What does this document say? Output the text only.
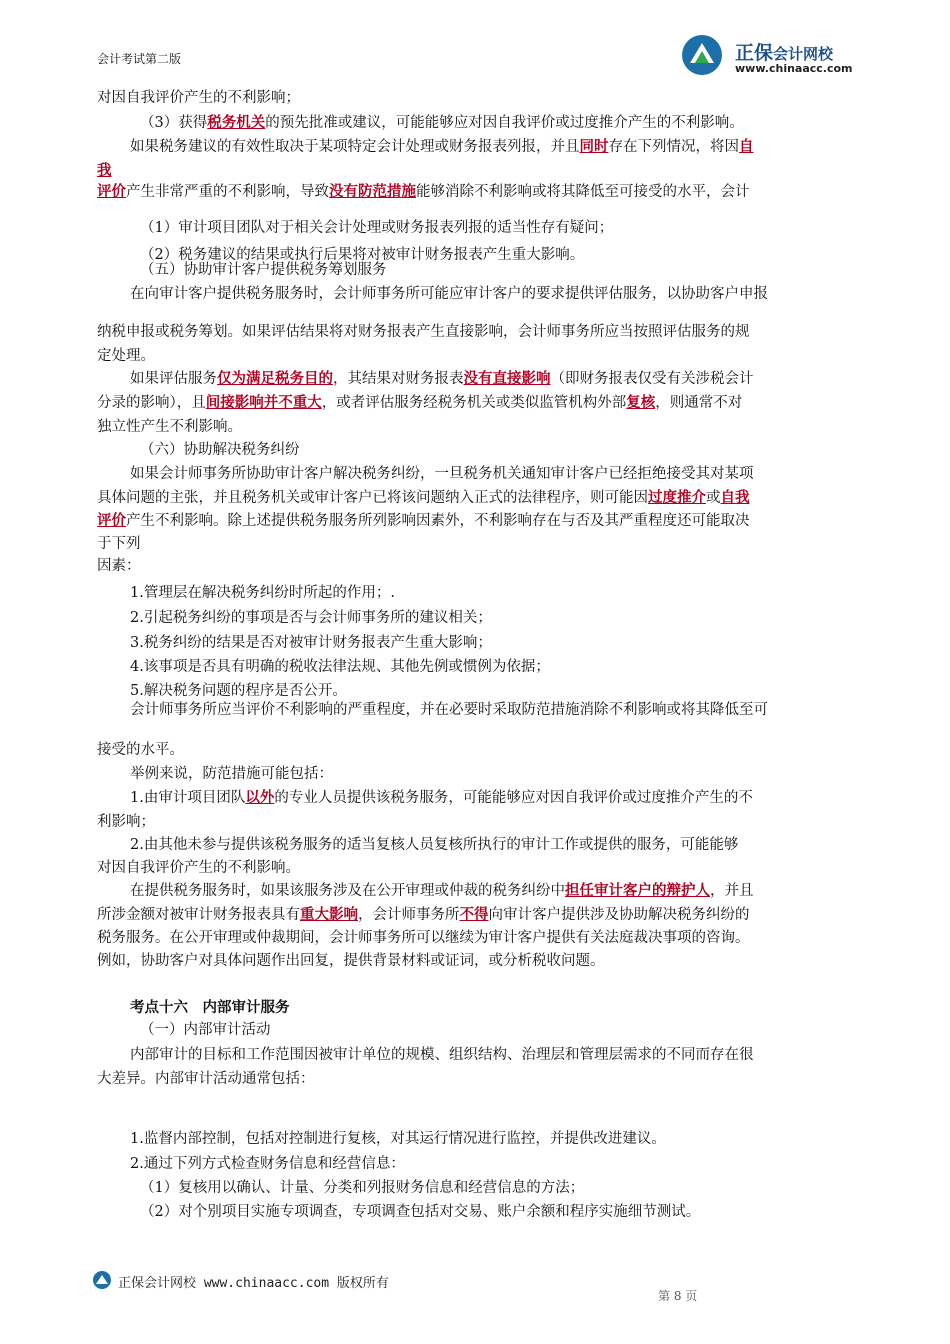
会计考试第二版	正保会计网校
www.chinaacc.com
对因自我评价产生的不利影响；
（3）获得税务机关的预先批准或建议，可能能够应对因自我评价或过度推介产生的不利影响。
如果税务建议的有效性取决于某项特定会计处理或财务报表列报，并且同时存在下列情况，将因自
我
评价产生非常严重的不利影响，导致没有防范措施能够消除不利影响或将其降低至可接受的水平，会计
（1）审计项目团队对于相关会计处理或财务报表列报的适当性存有疑问；
（2）税务建议的结果或执行后果将对被审计财务报表产生重大影响。
（五）协助审计客户提供税务筹划服务
在向审计客户提供税务服务时，会计师事务所可能应审计客户的要求提供评估服务，以协助客户申报
纳税申报或税务筹划。如果评估结果将对财务报表产生直接影响，会计师事务所应当按照评估服务的规
定处理。
如果评估服务仅为满足税务目的，其结果对财务报表没有直接影响（即财务报表仅受有关涉税会计
分录的影响），且间接影响并不重大，或者评估服务经税务机关或类似监管机构外部复核，则通常不对
独立性产生不利影响。
（六）协助解决税务纠纷
如果会计师事务所协助审计客户解决税务纠纷，一旦税务机关通知审计客户已经拒绝接受其对某项
具体问题的主张，并且税务机关或审计客户已将该问题纳入正式的法律程序，则可能因过度推介或自我
评价产生不利影响。除上述提供税务服务所列影响因素外，不利影响存在与否及其严重程度还可能取决
于下列
因素：
1.管理层在解决税务纠纷时所起的作用；.
2.引起税务纠纷的事项是否与会计师事务所的建议相关；
3.税务纠纷的结果是否对被审计财务报表产生重大影响；
4.该事项是否具有明确的税收法律法规、其他先例或惯例为依据；
5.解决税务问题的程序是否公开。
会计师事务所应当评价不利影响的严重程度，并在必要时采取防范措施消除不利影响或将其降低至可
接受的水平。
举例来说，防范措施可能包括：
1.由审计项目团队以外的专业人员提供该税务服务，可能能够应对因自我评价或过度推介产生的不
利影响；
2.由其他未参与提供该税务服务的适当复核人员复核所执行的审计工作或提供的服务，可能能够
对因自我评价产生的不利影响。
在提供税务服务时，如果该服务涉及在公开审理或仲裁的税务纠纷中担任审计客户的辩护人，并且
所涉金额对被审计财务报表具有重大影响，会计师事务所不得向审计客户提供涉及协助解决税务纠纷的
税务服务。在公开审理或仲裁期间，会计师事务所可以继续为审计客户提供有关法庭裁决事项的咨询。
例如，协助客户对具体问题作出回复，提供背景材料或证词，或分析税收问题。
考点十六　内部审计服务
（一）内部审计活动
内部审计的目标和工作范围因被审计单位的规模、组织结构、治理层和管理层需求的不同而存在很
大差异。内部审计活动通常包括：
1.监督内部控制，包括对控制进行复核，对其运行情况进行监控，并提供改进建议。
2.通过下列方式检查财务信息和经营信息：
（1）复核用以确认、计量、分类和列报财务信息和经营信息的方法；
（2）对个别项目实施专项调查，专项调查包括对交易、账户余额和程序实施细节测试。
正保会计网校 www.chinaacc.com 版权所有
第 8 页
